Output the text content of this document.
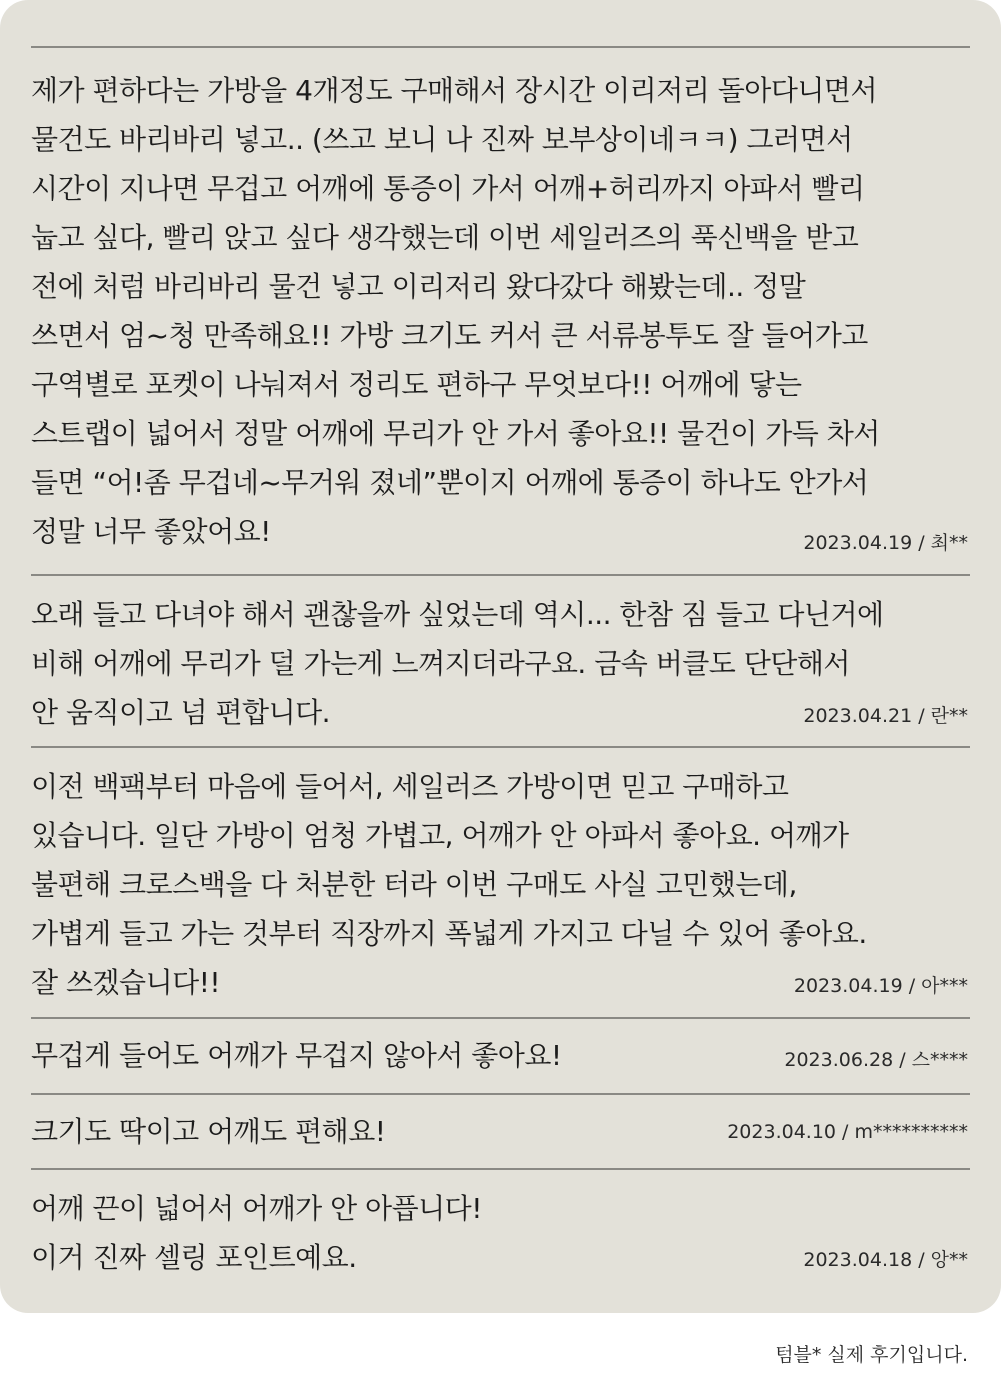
제가 편하다는 가방을 4개정도 구매해서 장시간 이리저리 돌아다니면서
물건도 바리바리 넣고.. (쓰고 보니 나 진짜 보부상이네ㅋㅋ) 그러면서
시간이 지나면 무겁고 어깨에 통증이 가서 어깨+허리까지 아파서 빨리
눕고 싶다, 빨리 앉고 싶다 생각했는데 이번 세일러즈의 푹신백을 받고
전에 처럼 바리바리 물건 넣고 이리저리 왔다갔다 해봤는데.. 정말
쓰면서 엄~청 만족해요!! 가방 크기도 커서 큰 서류봉투도 잘 들어가고
구역별로 포켓이 나눠져서 정리도 편하구 무엇보다!! 어깨에 닿는
스트랩이 넓어서 정말 어깨에 무리가 안 가서 좋아요!! 물건이 가득 차서
들면 “어!좀 무겁네~무거워 졌네”뿐이지 어깨에 통증이 하나도 안가서
정말 너무 좋았어요!	2023.04.19 / 최**
오래 들고 다녀야 해서 괜찮을까 싶었는데 역시... 한참 짐 들고 다닌거에
비해 어깨에 무리가 덜 가는게 느껴지더라구요. 금속 버클도 단단해서
안 움직이고 넘 편합니다.	2023.04.21 / 란**
이전 백팩부터 마음에 들어서, 세일러즈 가방이면 믿고 구매하고
있습니다. 일단 가방이 엄청 가볍고, 어깨가 안 아파서 좋아요. 어깨가
불편해 크로스백을 다 처분한 터라 이번 구매도 사실 고민했는데,
가볍게 들고 가는 것부터 직장까지 폭넓게 가지고 다닐 수 있어 좋아요.
잘 쓰겠습니다!!	2023.04.19 / 아***
무겁게 들어도 어깨가 무겁지 않아서 좋아요!	2023.06.28 / 스****
크기도 딱이고 어깨도 편해요!	2023.04.10 / m**********
어깨 끈이 넓어서 어깨가 안 아픕니다!
이거 진짜 셀링 포인트예요.	2023.04.18 / 앙**
텀블* 실제 후기입니다.
